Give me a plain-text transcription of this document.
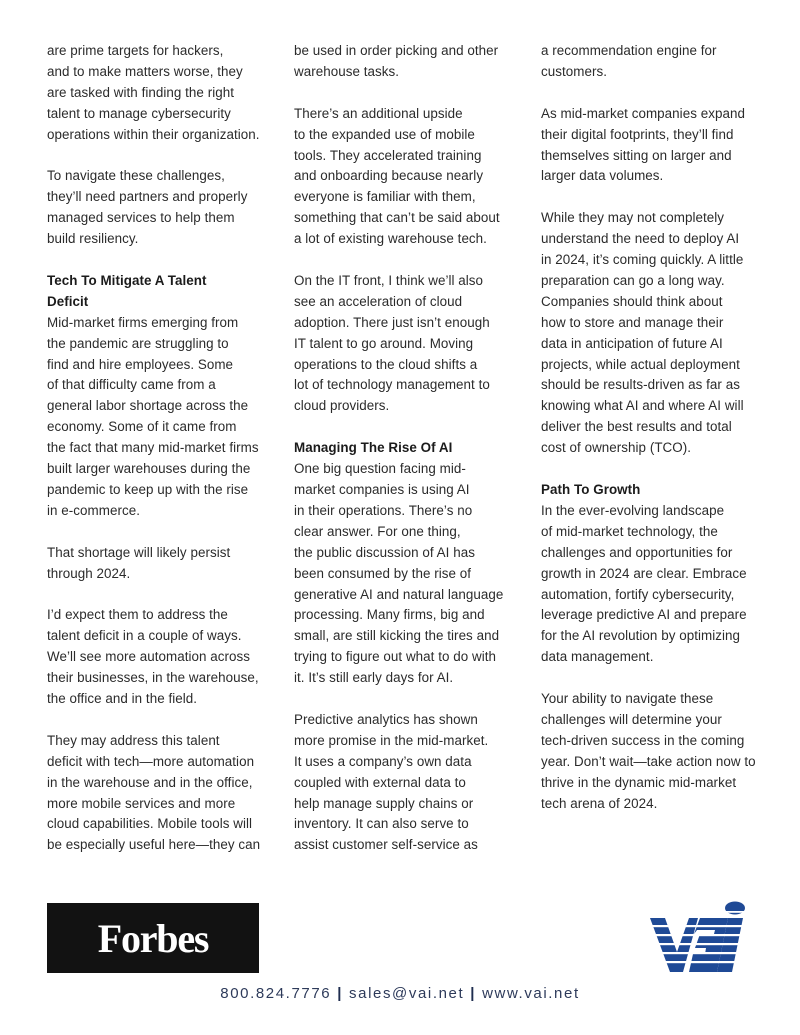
are prime targets for hackers,
and to make matters worse, they
are tasked with finding the right
talent to manage cybersecurity
operations within their organization.

To navigate these challenges,
they’ll need partners and properly
managed services to help them
build resiliency.

Tech To Mitigate A Talent
Deficit

Mid-market firms emerging from
the pandemic are struggling to
find and hire employees. Some
of that difficulty came from a
general labor shortage across the
economy. Some of it came from
the fact that many mid-market firms
built larger warehouses during the
pandemic to keep up with the rise
in e-commerce.

That shortage will likely persist
through 2024.

I’d expect them to address the
talent deficit in a couple of ways.
We’ll see more automation across
their businesses, in the warehouse,
the office and in the field.

They may address this talent
deficit with tech—more automation
in the warehouse and in the office,
more mobile services and more
cloud capabilities. Mobile tools will
be especially useful here—they can

be used in order picking and other
warehouse tasks.

There’s an additional upside
to the expanded use of mobile
tools. They accelerated training
and onboarding because nearly
everyone is familiar with them,
something that can’t be said about
a lot of existing warehouse tech.

On the IT front, I think we’ll also
see an acceleration of cloud
adoption. There just isn’t enough
IT talent to go around. Moving
operations to the cloud shifts a
lot of technology management to
cloud providers.

Managing The Rise Of AI

One big question facing mid-
market companies is using AI
in their operations. There’s no
clear answer. For one thing,
the public discussion of AI has
been consumed by the rise of
generative AI and natural language
processing. Many firms, big and
small, are still kicking the tires and
trying to figure out what to do with
it. It’s still early days for AI.

Predictive analytics has shown
more promise in the mid-market.
It uses a company’s own data
coupled with external data to
help manage supply chains or
inventory. It can also serve to
assist customer self-service as

a recommendation engine for
customers.

As mid-market companies expand
their digital footprints, they’ll find
themselves sitting on larger and
larger data volumes.

While they may not completely
understand the need to deploy AI
in 2024, it’s coming quickly. A little
preparation can go a long way.
Companies should think about
how to store and manage their
data in anticipation of future AI
projects, while actual deployment
should be results-driven as far as
knowing what AI and where AI will
deliver the best results and total
cost of ownership (TCO).

Path To Growth

In the ever-evolving landscape
of mid-market technology, the
challenges and opportunities for
growth in 2024 are clear. Embrace
automation, fortify cybersecurity,
leverage predictive AI and prepare
for the AI revolution by optimizing
data management.

Your ability to navigate these
challenges will determine your
tech-driven success in the coming
year. Don’t wait—take action now to
thrive in the dynamic mid-market
tech arena of 2024.

Forbes
800.824.7776 | sales@vai.net | www.vai.net
